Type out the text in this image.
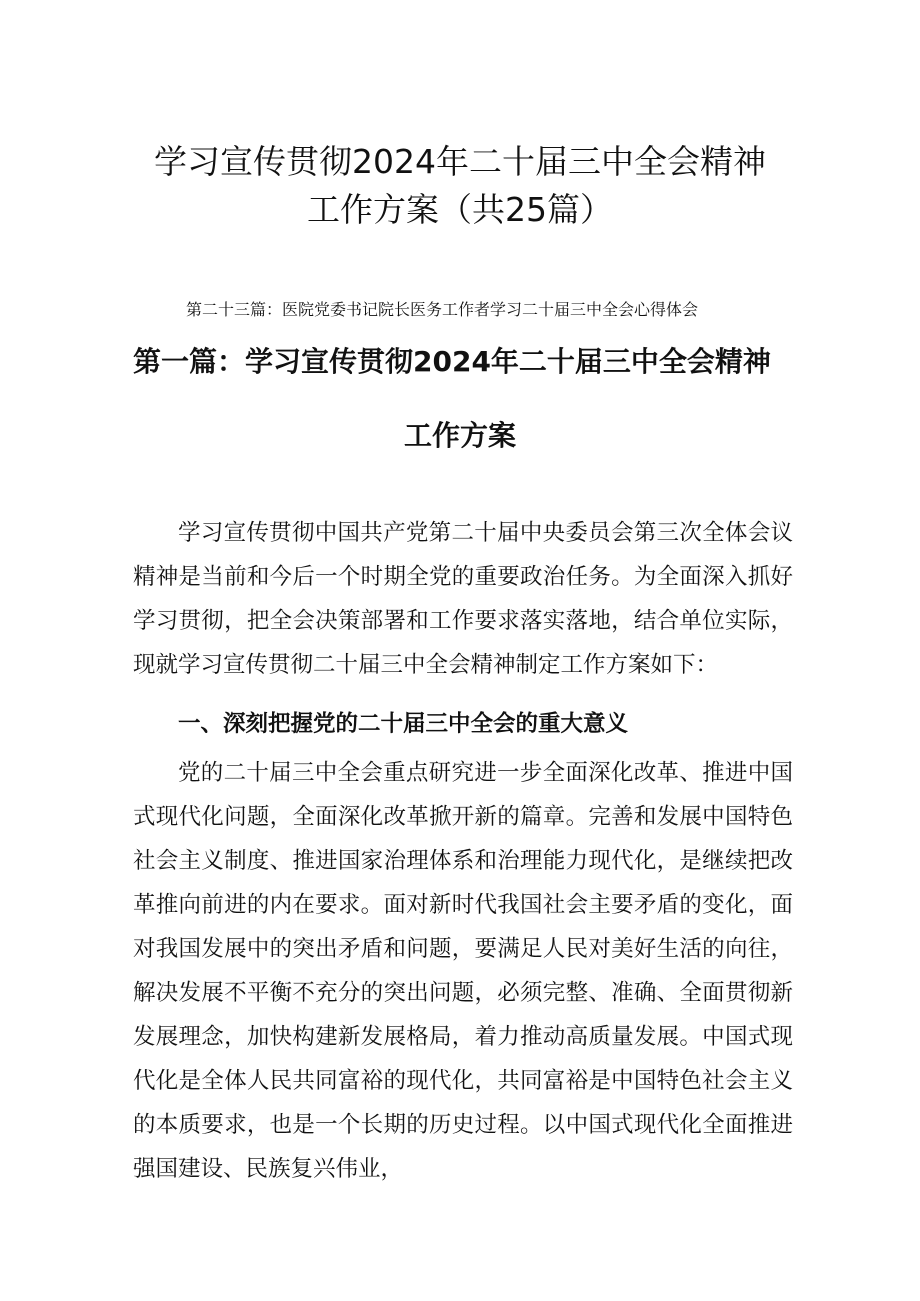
学习宣传贯彻2024年二十届三中全会精神
工作方案（共25篇）

第二十三篇：医院党委书记院长医务工作者学习二十届三中全会心得体会

第一篇：学习宣传贯彻2024年二十届三中全会精神
工作方案

学习宣传贯彻中国共产党第二十届中央委员会第三次全体会议精神是当前和今后一个时期全党的重要政治任务。为全面深入抓好学习贯彻，把全会决策部署和工作要求落实落地，结合单位实际，现就学习宣传贯彻二十届三中全会精神制定工作方案如下：

一、深刻把握党的二十届三中全会的重大意义

党的二十届三中全会重点研究进一步全面深化改革、推进中国式现代化问题，全面深化改革掀开新的篇章。完善和发展中国特色社会主义制度、推进国家治理体系和治理能力现代化，是继续把改革推向前进的内在要求。面对新时代我国社会主要矛盾的变化，面对我国发展中的突出矛盾和问题，要满足人民对美好生活的向往，解决发展不平衡不充分的突出问题，必须完整、准确、全面贯彻新发展理念，加快构建新发展格局，着力推动高质量发展。中国式现代化是全体人民共同富裕的现代化，共同富裕是中国特色社会主义的本质要求，也是一个长期的历史过程。以中国式现代化全面推进强国建设、民族复兴伟业，
